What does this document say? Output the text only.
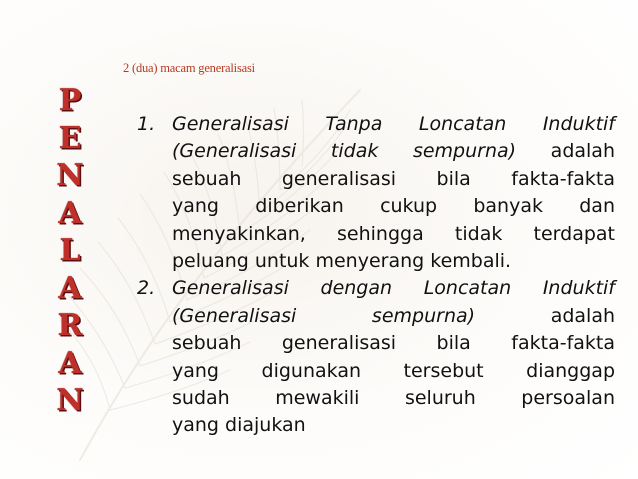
P
E
N
A
L
A
R
A
N
2 (dua) macam generalisasi
1. Generalisasi Tanpa Loncatan Induktif
(Generalisasi tidak sempurna) adalah
sebuah generalisasi bila fakta-fakta
yang diberikan cukup banyak dan
menyakinkan, sehingga tidak terdapat
peluang untuk menyerang kembali.
2. Generalisasi dengan Loncatan Induktif
(Generalisasi sempurna) adalah
sebuah generalisasi bila fakta-fakta
yang digunakan tersebut dianggap
sudah mewakili seluruh persoalan
yang diajukan
